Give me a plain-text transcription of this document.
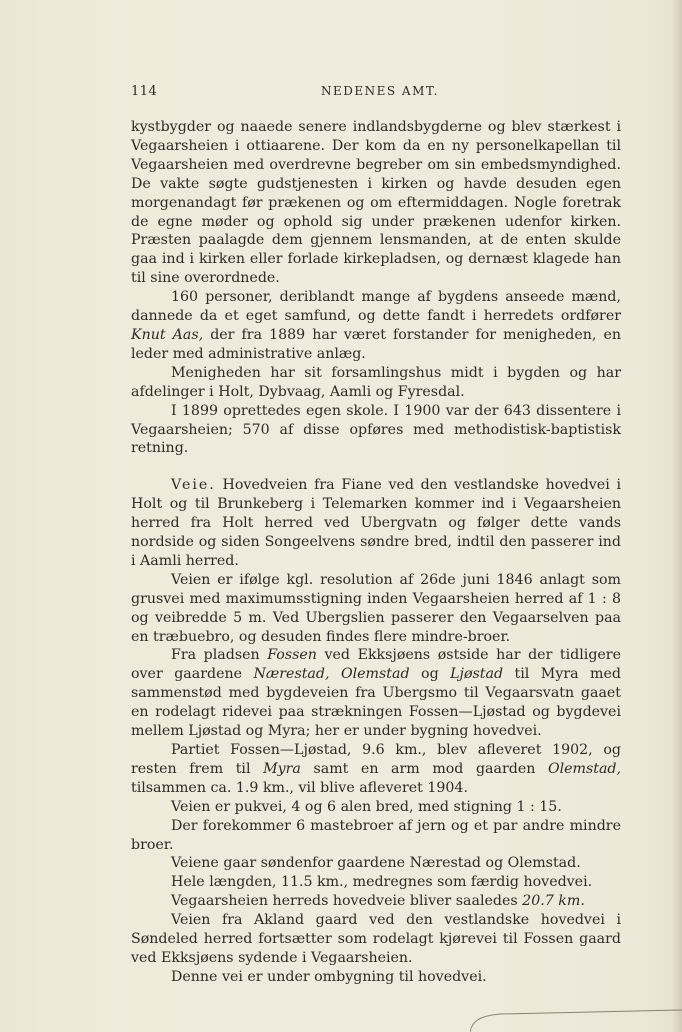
114	NEDENES AMT.

kystbygder og naaede senere indlandsbygderne og blev stærkest i Vegaarsheien i ottiaarene. Der kom da en ny personelkapellan til Vegaarsheien med overdrevne begreber om sin embedsmyndighed. De vakte søgte gudstjenesten i kirken og havde desuden egen morgenandagt før prækenen og om eftermiddagen. Nogle foretrak de egne møder og ophold sig under prækenen udenfor kirken. Præsten paalagde dem gjennem lensmanden, at de enten skulde gaa ind i kirken eller forlade kirkepladsen, og dernæst klagede han til sine overordnede.

160 personer, deriblandt mange af bygdens anseede mænd, dannede da et eget samfund, og dette fandt i herredets ordfører Knut Aas, der fra 1889 har været forstander for menigheden, en leder med administrative anlæg.

Menigheden har sit forsamlingshus midt i bygden og har afdelinger i Holt, Dybvaag, Aamli og Fyresdal.

I 1899 oprettedes egen skole. I 1900 var der 643 dissentere i Vegaarsheien; 570 af disse opføres med methodistisk-baptistisk retning.

Veie. Hovedveien fra Fiane ved den vestlandske hovedvei i Holt og til Brunkeberg i Telemarken kommer ind i Vegaarsheien herred fra Holt herred ved Ubergvatn og følger dette vands nordside og siden Songeelvens søndre bred, indtil den passerer ind i Aamli herred.

Veien er ifølge kgl. resolution af 26de juni 1846 anlagt som grusvei med maximumsstigning inden Vegaarsheien herred af 1 : 8 og veibredde 5 m. Ved Ubergslien passerer den Vegaarselven paa en træbuebro, og desuden findes flere mindre-broer.

Fra pladsen Fossen ved Ekksjøens østside har der tidligere over gaardene Nærestad, Olemstad og Ljøstad til Myra med sammenstød med bygdeveien fra Ubergsmo til Vegaarsvatn gaaet en rodelagt ridevei paa strækningen Fossen—Ljøstad og bygdevei mellem Ljøstad og Myra; her er under bygning hovedvei.

Partiet Fossen—Ljøstad, 9.6 km., blev afleveret 1902, og resten frem til Myra samt en arm mod gaarden Olemstad, tilsammen ca. 1.9 km., vil blive afleveret 1904.

Veien er pukvei, 4 og 6 alen bred, med stigning 1 : 15.

Der forekommer 6 mastebroer af jern og et par andre mindre broer.

Veiene gaar søndenfor gaardene Nærestad og Olemstad.

Hele længden, 11.5 km., medregnes som færdig hovedvei.

Vegaarsheien herreds hovedveie bliver saaledes 20.7 km.

Veien fra Akland gaard ved den vestlandske hovedvei i Søndeled herred fortsætter som rodelagt kjørevei til Fossen gaard ved Ekksjøens sydende i Vegaarsheien.

Denne vei er under ombygning til hovedvei.
